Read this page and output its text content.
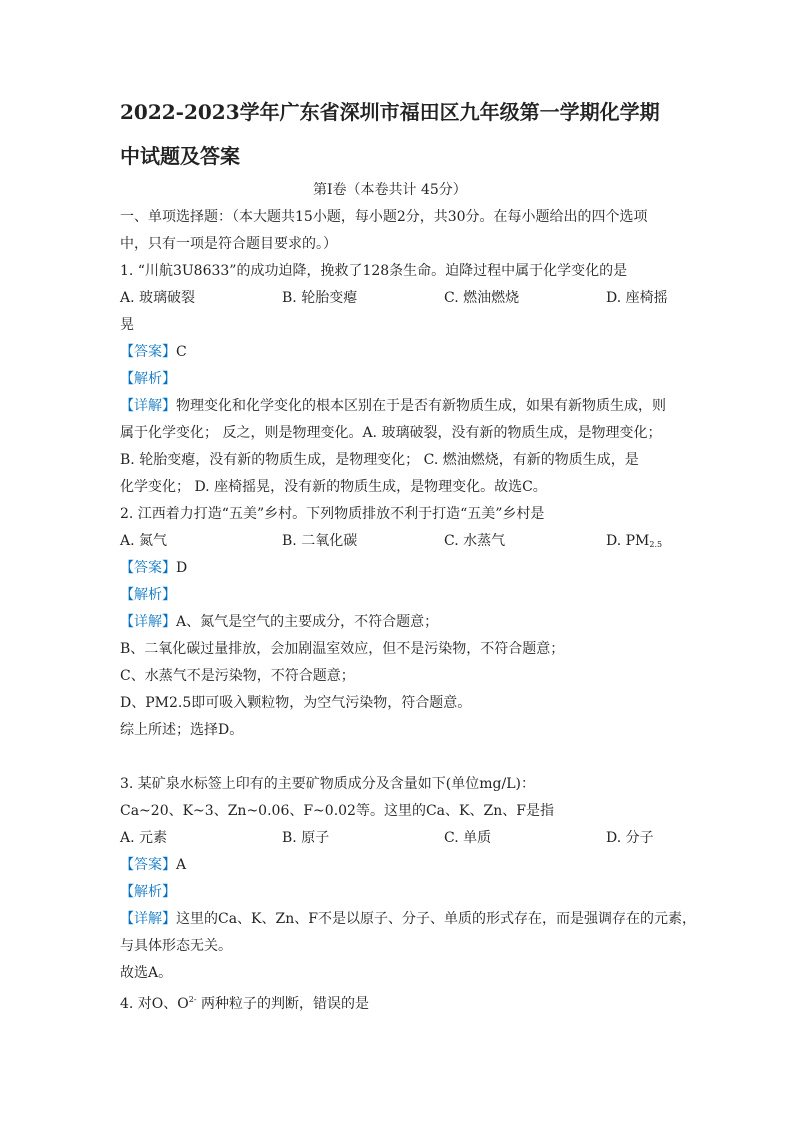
2022-2023学年广东省深圳市福田区九年级第一学期化学期
中试题及答案
第Ⅰ卷（本卷共计 45分）
一、单项选择题：（本大题共15小题，每小题2分，共30分。在每小题给出的四个选项
中，只有一项是符合题目要求的。）
1. “川航3U8633”的成功迫降，挽救了128条生命。迫降过程中属于化学变化的是
A. 玻璃破裂	B. 轮胎变瘪	C. 燃油燃烧	D. 座椅摇
晃
【答案】C
【解析】
【详解】物理变化和化学变化的根本区别在于是否有新物质生成，如果有新物质生成，则
属于化学变化； 反之，则是物理变化。A. 玻璃破裂，没有新的物质生成，是物理变化；
B. 轮胎变瘪，没有新的物质生成，是物理变化； C. 燃油燃烧，有新的物质生成，是
化学变化； D. 座椅摇晃，没有新的物质生成，是物理变化。故选C。
2. 江西着力打造“五美”乡村。下列物质排放不利于打造“五美”乡村是
A. 氮气	B. 二氧化碳	C. 水蒸气	D. $PM_{2.5}$
【答案】D
【解析】
【详解】A、氮气是空气的主要成分，不符合题意；
B、二氧化碳过量排放，会加剧温室效应，但不是污染物，不符合题意；
C、水蒸气不是污染物，不符合题意；
D、PM2.5即可吸入颗粒物，为空气污染物，符合题意。
综上所述；选择D。
3. 某矿泉水标签上印有的主要矿物质成分及含量如下(单位mg/L)：
Ca~20、K~3、Zn~0.06、F~0.02等。这里的Ca、K、Zn、F是指
A. 元素	B. 原子	C. 单质	D. 分子
【答案】A
【解析】
【详解】这里的Ca、K、Zn、F不是以原子、分子、单质的形式存在，而是强调存在的元素，
与具体形态无关。
故选A。
4. 对O、$O^{2-}$ 两种粒子的判断，错误的是
